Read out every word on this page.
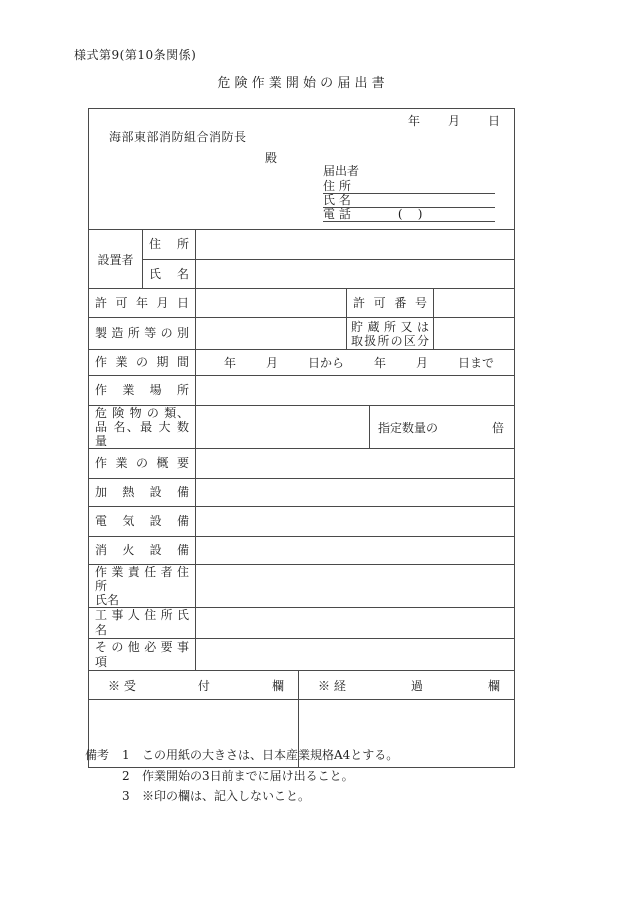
様式第9(第10条関係)
危 険 作 業 開 始 の 届 出 書
年 月 日
海部東部消防組合消防長
殿
届出者
住 所
氏 名
電 話	(    )

設置者	住 所					

	氏 名					

許 可 年 月 日				許 可 番 号		

製 造 所 等 の 別				貯 蔵 所 又 は
取扱所の区分		

作 業 の 期 間	年 月 日から 年 月 日まで

作 業 場 所						

危 険 物 の 類、
品 名、最 大 数 量

指定数量の	倍

作 業 の 概 要						

加 熱 設 備						

電 気 設 備						

消 火 設 備						

作 業 責 任 者 住 所
氏名						

工 事 人 住 所 氏 名						

そ の 他 必 要 事 項						

※ 受 付 欄			※ 経 過 欄			

備考	1	この用紙の大きさは、日本産業規格A4とする。
2	作業開始の3日前までに届け出ること。
3	※印の欄は、記入しないこと。
